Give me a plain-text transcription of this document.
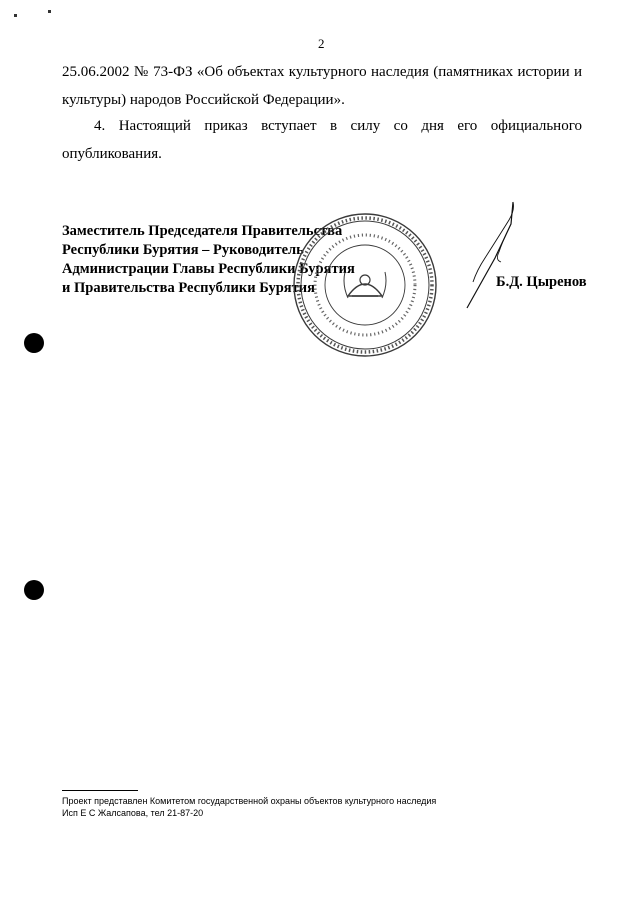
2
25.06.2002 № 73-ФЗ «Об объектах культурного наследия (памятниках истории и
культуры) народов Российской Федерации».
4. Настоящий приказ вступает в силу со дня его официального
опубликования.
Заместитель Председателя Правительства
Республики Бурятия – Руководитель
Администрации Главы Республики Бурятия
и Правительства Республики Бурятия	Б.Д. Цыренов
Проект представлен Комитетом государственной охраны объектов культурного наследия
Исп Е С Жалсапова, тел 21-87-20
